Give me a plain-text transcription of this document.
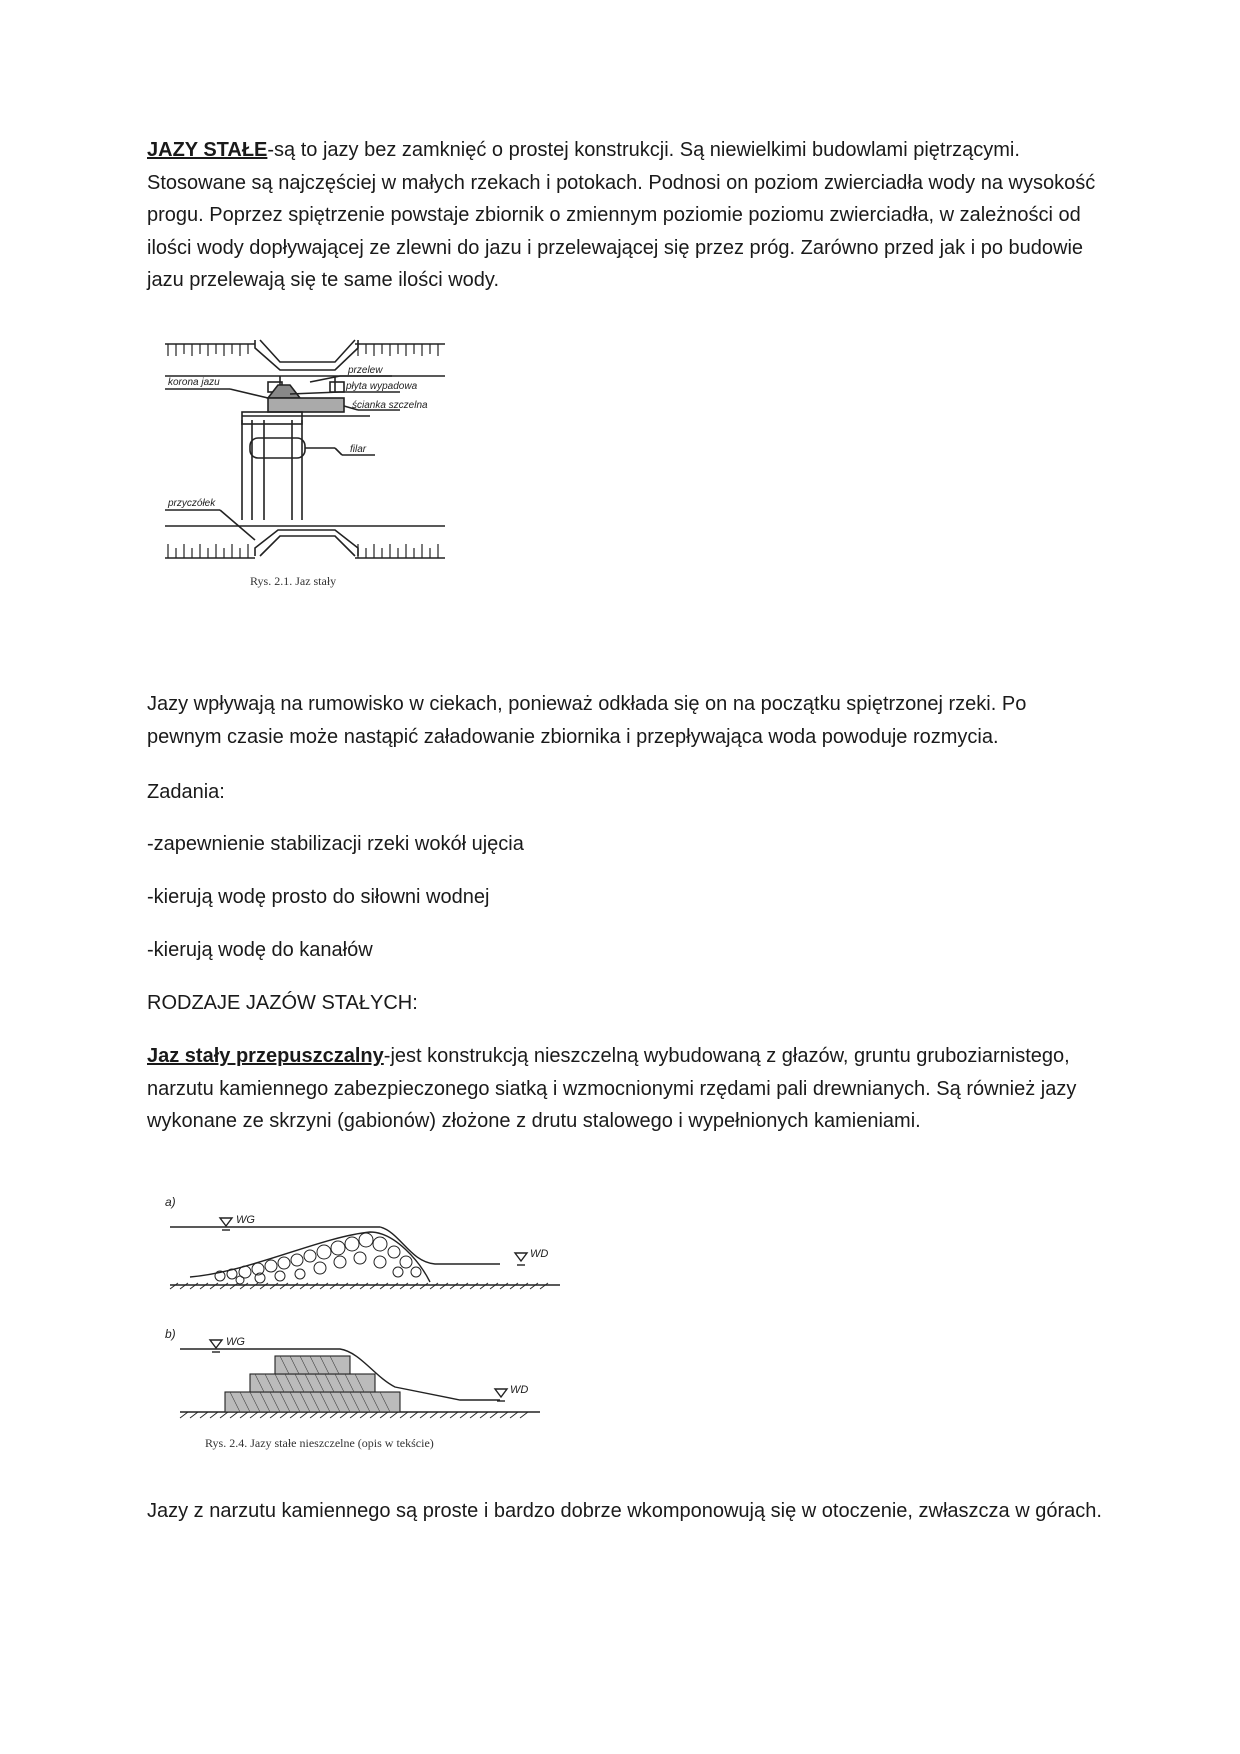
JAZY STAŁE-są to jazy bez zamknięć o prostej konstrukcji. Są niewielkimi budowlami piętrzącymi. Stosowane są najczęściej w małych rzekach i potokach. Podnosi on poziom zwierciadła wody na wysokość progu. Poprzez spiętrzenie powstaje zbiornik o zmiennym poziomie poziomu zwierciadła, w zależności od ilości wody dopływającej ze zlewni do jazu i przelewającej się przez próg. Zarówno przed jak i po budowie jazu przelewają się te same ilości wody.

przelew
płyta wypadowa
korona jazu
ścianka szczelna
filar
przyczółek
Rys. 2.1. Jaz stały

Jazy wpływają na rumowisko w ciekach, ponieważ odkłada się on na początku spiętrzonej rzeki. Po pewnym czasie może nastąpić załadowanie zbiornika i przepływająca woda powoduje rozmycia.

Zadania:

-zapewnienie stabilizacji rzeki wokół ujęcia

-kierują wodę prosto do siłowni wodnej

-kierują wodę do kanałów

RODZAJE JAZÓW STAŁYCH:

Jaz stały przepuszczalny-jest konstrukcją nieszczelną wybudowaną z głazów, gruntu gruboziarnistego, narzutu kamiennego zabezpieczonego siatką i wzmocnionymi rzędami pali drewnianych. Są również jazy wykonane ze skrzyni (gabionów) złożone z drutu stalowego i wypełnionych kamieniami.

a)
b)
WG
WD
WG
WD
Rys. 2.4. Jazy stałe nieszczelne (opis w tekście)

Jazy z narzutu kamiennego są proste i bardzo dobrze wkomponowują się w otoczenie, zwłaszcza w górach.
